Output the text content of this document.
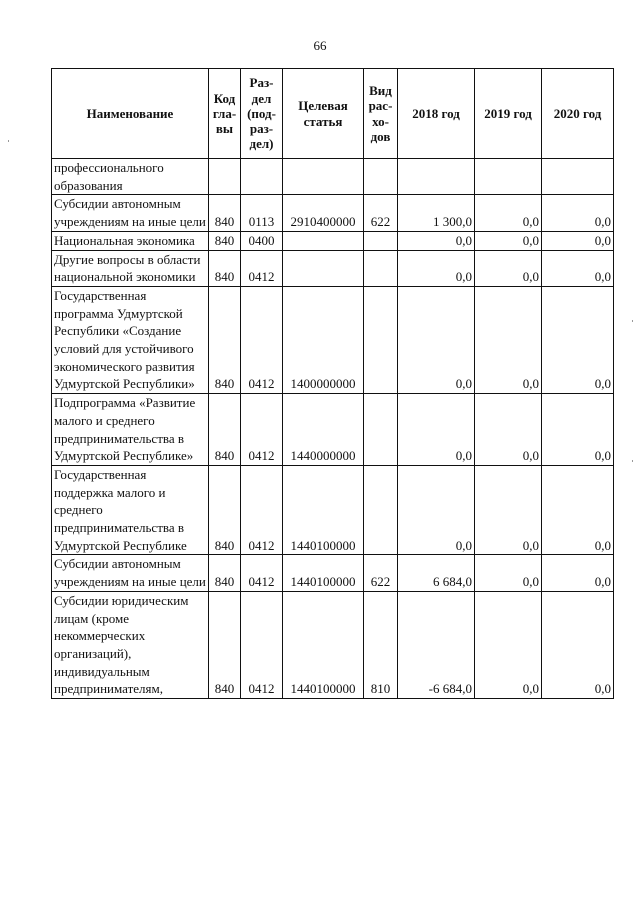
66
Наименование	Код гла-вы	Раз-дел (под-раз-дел)	Целевая статья	Вид рас-хо-дов	2018 год	2019 год	2020 год
профессионального образования							
Субсидии автономным учреждениям на иные цели	840	0113	2910400000	622	1 300,0	0,0	0,0
Национальная экономика	840	0400			0,0	0,0	0,0
Другие вопросы в области национальной экономики	840	0412			0,0	0,0	0,0
Государственная программа Удмуртской Республики «Создание условий для устойчивого экономического развития Удмуртской Республики»	840	0412	1400000000		0,0	0,0	0,0
Подпрограмма «Развитие малого и среднего предпринимательства в Удмуртской Республике»	840	0412	1440000000		0,0	0,0	0,0
Государственная поддержка малого и среднего предпринимательства в Удмуртской Республике	840	0412	1440100000		0,0	0,0	0,0
Субсидии автономным учреждениям на иные цели	840	0412	1440100000	622	6 684,0	0,0	0,0
Субсидии юридическим лицам (кроме некоммерческих организаций), индивидуальным предпринимателям,	840	0412	1440100000	810	-6 684,0	0,0	0,0
